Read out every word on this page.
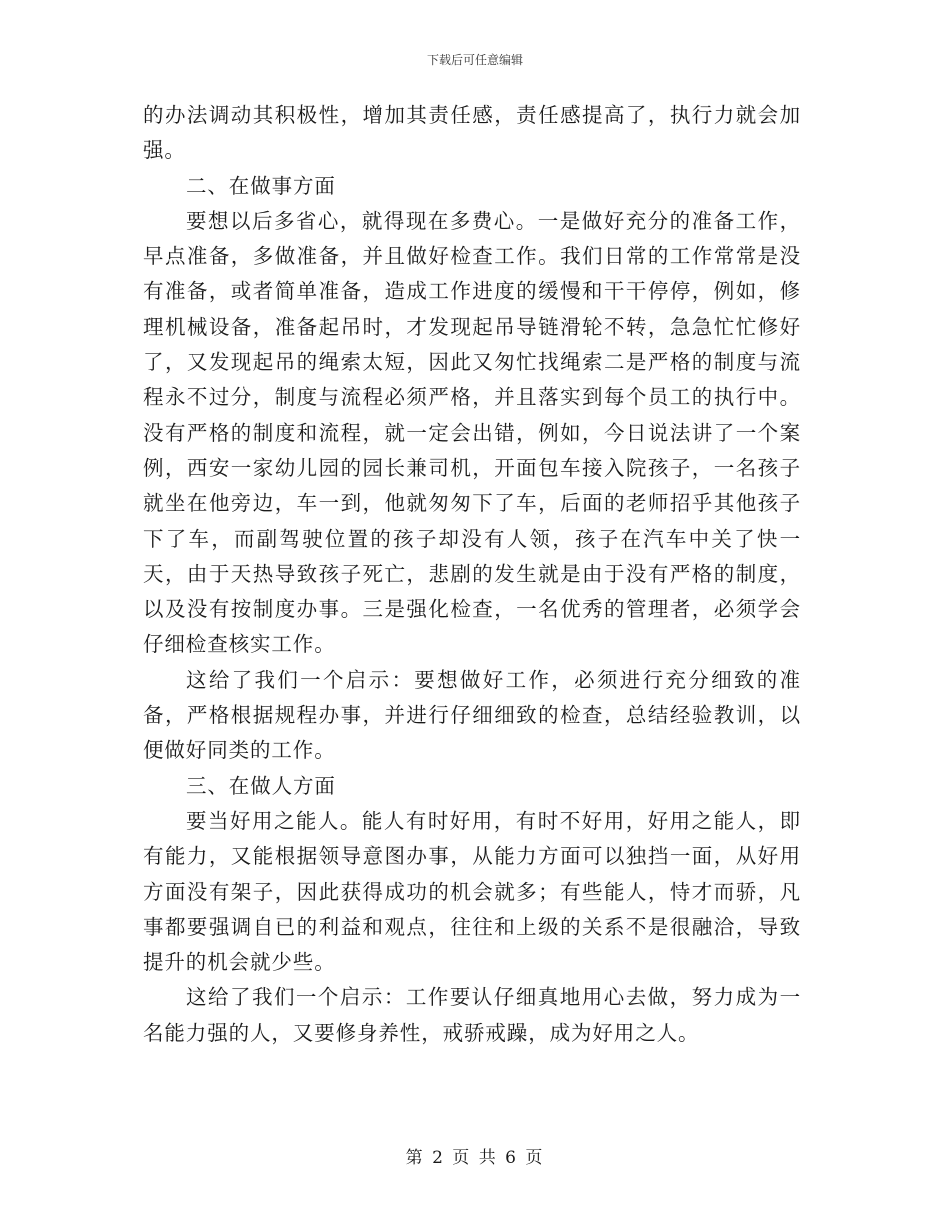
下载后可任意编辑

的办法调动其积极性，增加其责任感，责任感提高了，执行力就会加强。

二、在做事方面

要想以后多省心，就得现在多费心。一是做好充分的准备工作，早点准备，多做准备，并且做好检查工作。我们日常的工作常常是没有准备，或者简单准备，造成工作进度的缓慢和干干停停，例如，修理机械设备，准备起吊时，才发现起吊导链滑轮不转，急急忙忙修好了，又发现起吊的绳索太短，因此又匆忙找绳索二是严格的制度与流程永不过分，制度与流程必须严格，并且落实到每个员工的执行中。没有严格的制度和流程，就一定会出错，例如，今日说法讲了一个案例，西安一家幼儿园的园长兼司机，开面包车接入院孩子，一名孩子就坐在他旁边，车一到，他就匆匆下了车，后面的老师招乎其他孩子下了车，而副驾驶位置的孩子却没有人领，孩子在汽车中关了快一天，由于天热导致孩子死亡，悲剧的发生就是由于没有严格的制度，以及没有按制度办事。三是强化检查，一名优秀的管理者，必须学会仔细检查核实工作。

这给了我们一个启示：要想做好工作，必须进行充分细致的准备，严格根据规程办事，并进行仔细细致的检查，总结经验教训，以便做好同类的工作。

三、在做人方面

要当好用之能人。能人有时好用，有时不好用，好用之能人，即有能力，又能根据领导意图办事，从能力方面可以独挡一面，从好用方面没有架子，因此获得成功的机会就多；有些能人，恃才而骄，凡事都要强调自已的利益和观点，往往和上级的关系不是很融洽，导致提升的机会就少些。

这给了我们一个启示：工作要认仔细真地用心去做，努力成为一名能力强的人，又要修身养性，戒骄戒躁，成为好用之人。

第 2 页 共 6 页
